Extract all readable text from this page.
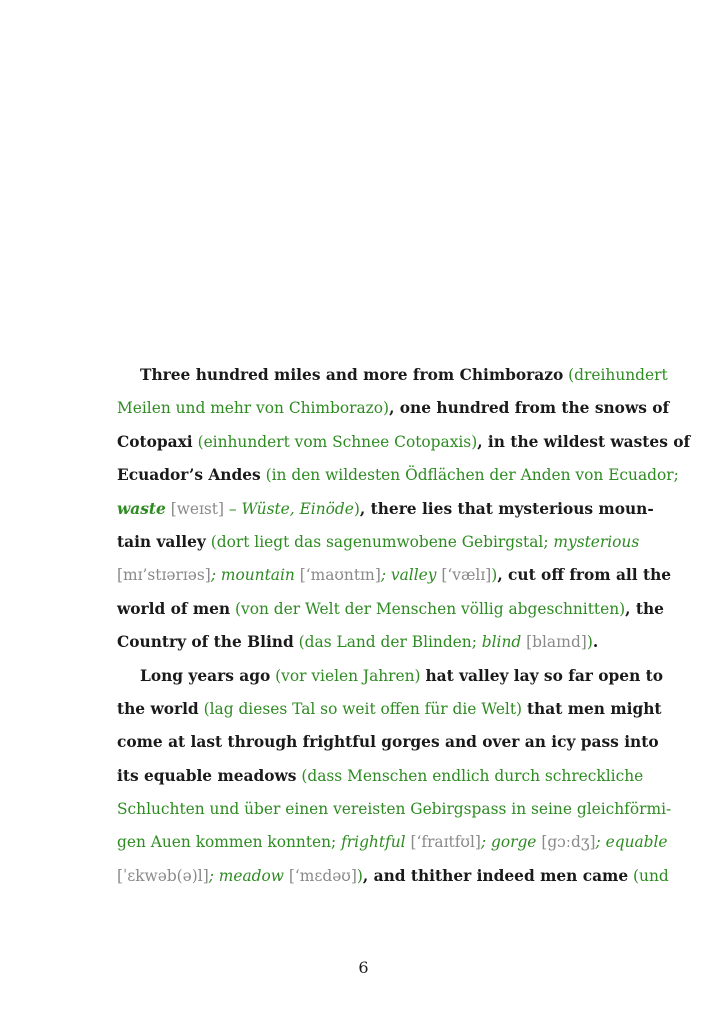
Three hundred miles and more from Chimborazo (dreihundert
Meilen und mehr von Chimborazo), one hundred from the snows of
Cotopaxi (einhundert vom Schnee Cotopaxis), in the wildest wastes of
Ecuador’s Andes (in den wildesten Ödflächen der Anden von Ecuador;
waste [weɪst] – Wüste, Einöde), there lies that mysterious moun-
tain valley (dort liegt das sagenumwobene Gebirgstal; mysterious
[mɪ’stɪərɪəs]; mountain [‘maʊntɪn]; valley [‘vælɪ]), cut off from all the
world of men (von der Welt der Menschen völlig abgeschnitten), the
Country of the Blind (das Land der Blinden; blind [blaɪnd]).
Long years ago (vor vielen Jahren) hat valley lay so far open to
the world (lag dieses Tal so weit offen für die Welt) that men might
come at last through frightful gorges and over an icy pass into
its equable meadows (dass Menschen endlich durch schreckliche
Schluchten und über einen vereisten Gebirgspass in seine gleichförmi-
gen Auen kommen konnten; frightful [‘fraɪtfʊl]; gorge [gɔːdʒ]; equable
[ˈɛkwəb(ə)l]; meadow [‘mɛdəʊ]), and thither indeed men came (und
6
